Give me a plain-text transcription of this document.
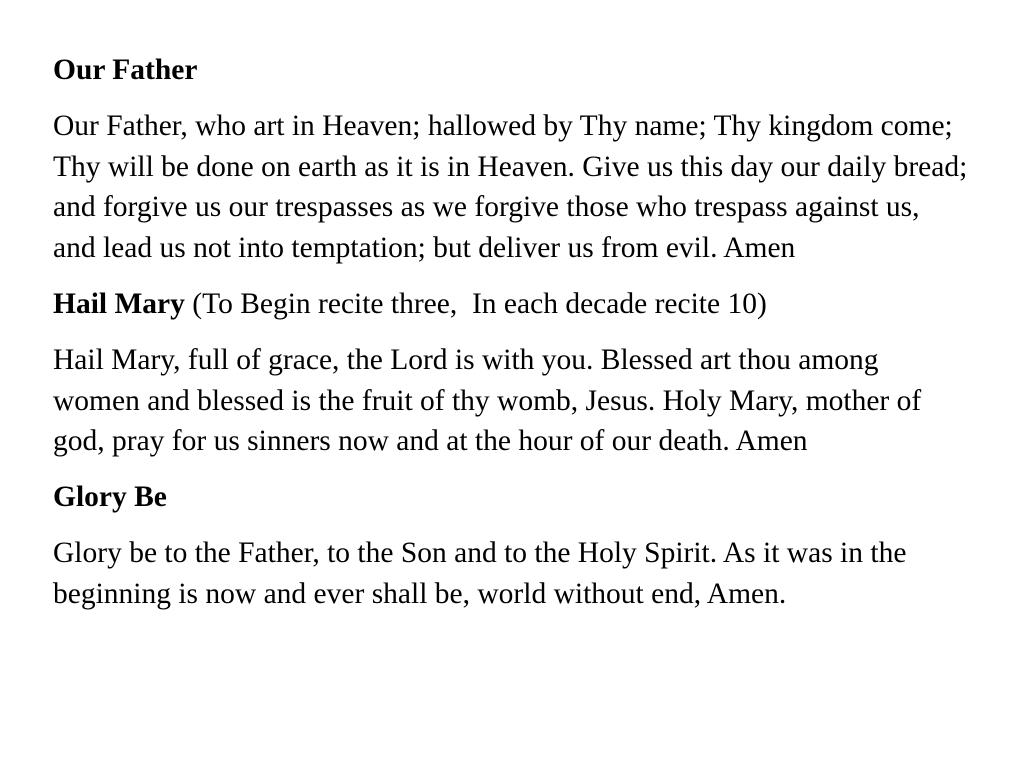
Our Father
Our Father, who art in Heaven; hallowed by Thy name; Thy kingdom come; Thy will be done on earth as it is in Heaven. Give us this day our daily bread; and forgive us our trespasses as we forgive those who trespass against us, and lead us not into temptation; but deliver us from evil. Amen
Hail Mary (To Begin recite three,  In each decade recite 10)
Hail Mary, full of grace, the Lord is with you. Blessed art thou among women and blessed is the fruit of thy womb, Jesus. Holy Mary, mother of god, pray for us sinners now and at the hour of our death. Amen
Glory Be
Glory be to the Father, to the Son and to the Holy Spirit. As it was in the beginning is now and ever shall be, world without end, Amen.
